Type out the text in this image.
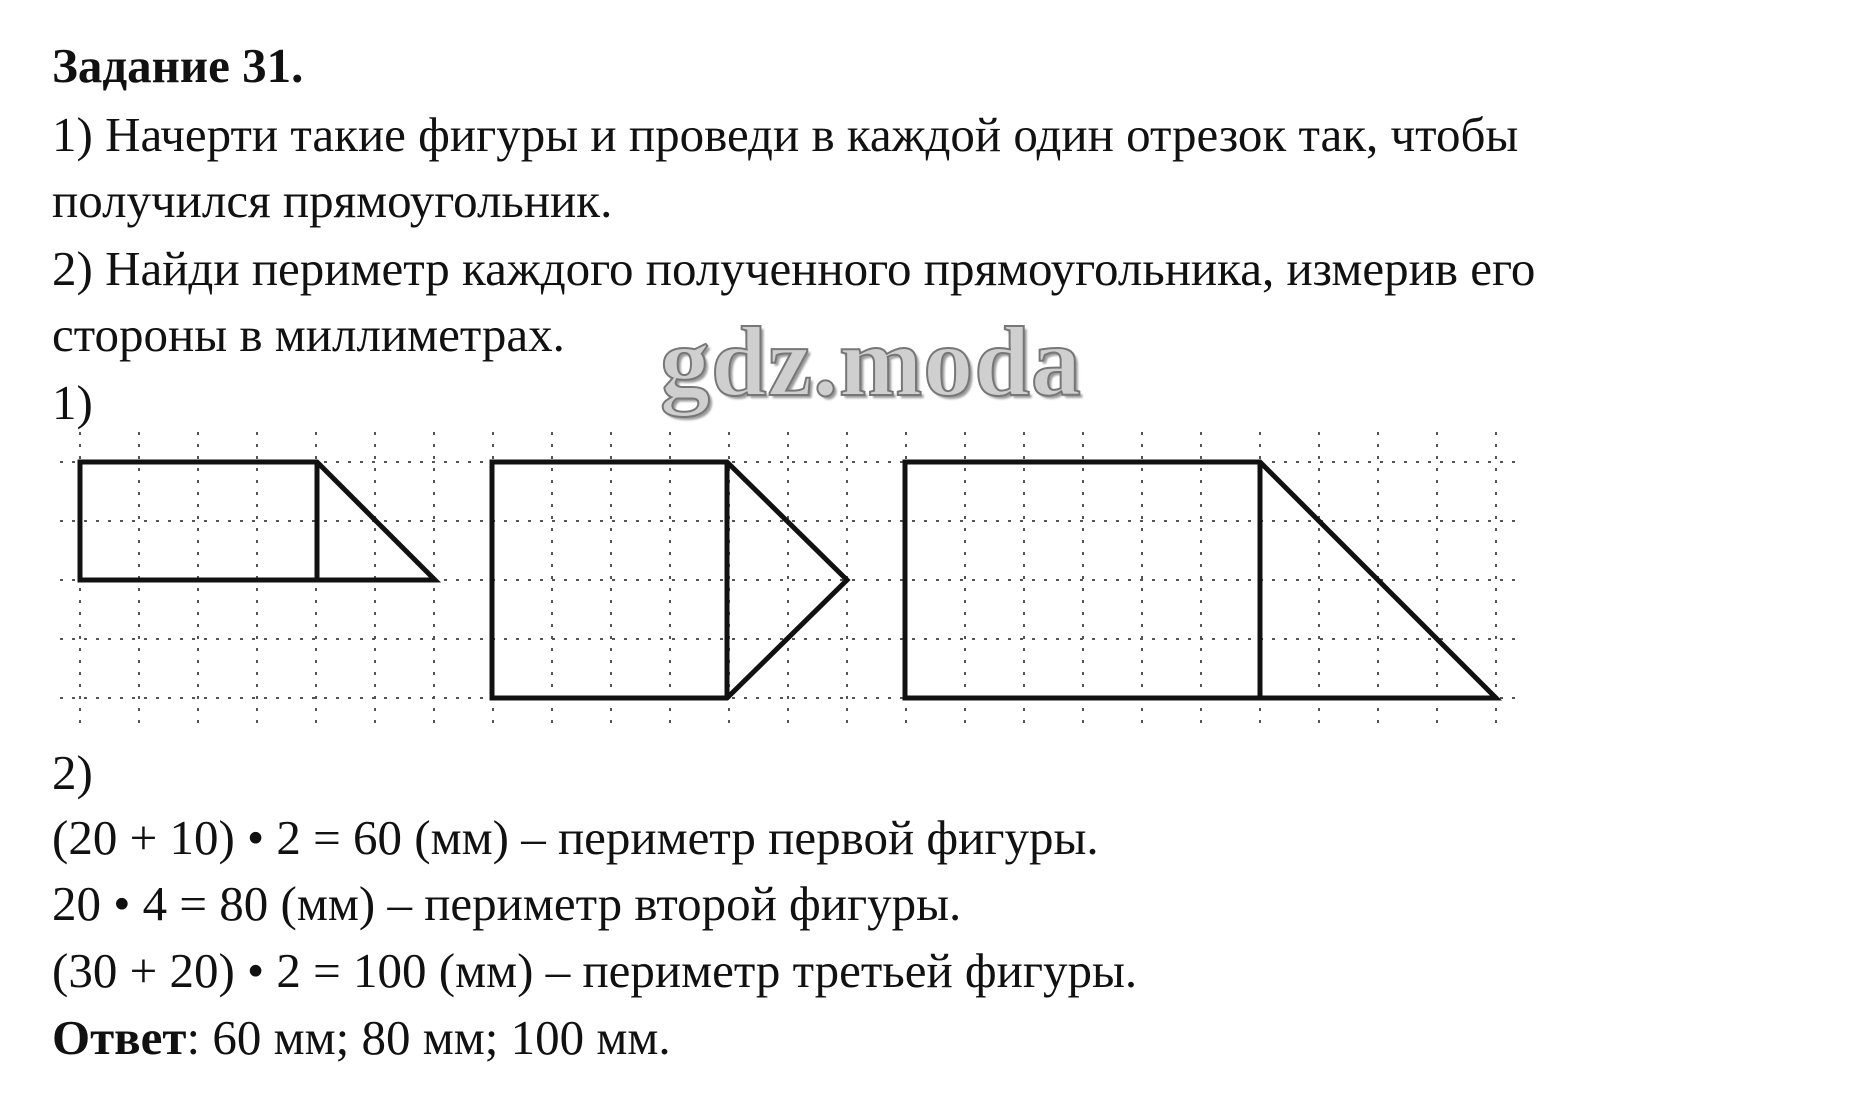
Задание 31.
1) Начерти такие фигуры и проведи в каждой один отрезок так, чтобы
получился прямоугольник.
2) Найди периметр каждого полученного прямоугольника, измерив его
стороны в миллиметрах. gdz.moda
1)
2)
(20 + 10) • 2 = 60 (мм) – периметр первой фигуры.
20 • 4 = 80 (мм) – периметр второй фигуры.
(30 + 20) • 2 = 100 (мм) – периметр третьей фигуры.
Ответ: 60 мм; 80 мм; 100 мм.
